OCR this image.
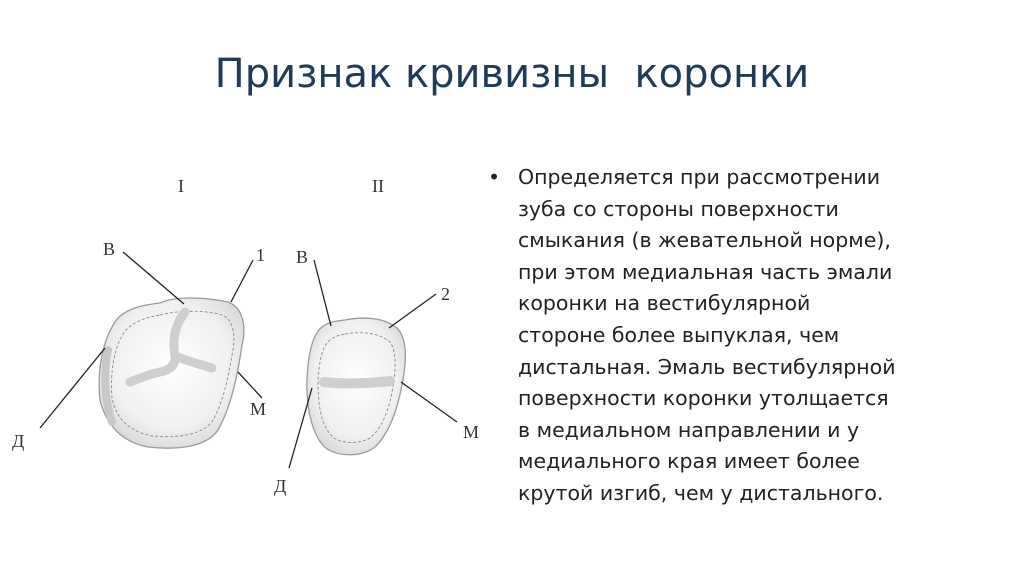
Признак кривизны  коронки
I
В	1
М
Д
II
В
2
М
Д
• Определяется при рассмотрении
зуба со стороны поверхности
смыкания (в жевательной норме),
при этом медиальная часть эмали
коронки на вестибулярной
стороне более выпуклая, чем
дистальная. Эмаль вестибулярной
поверхности коронки утолщается
в медиальном направлении и у
медиального края имеет более
крутой изгиб, чем у дистального.
